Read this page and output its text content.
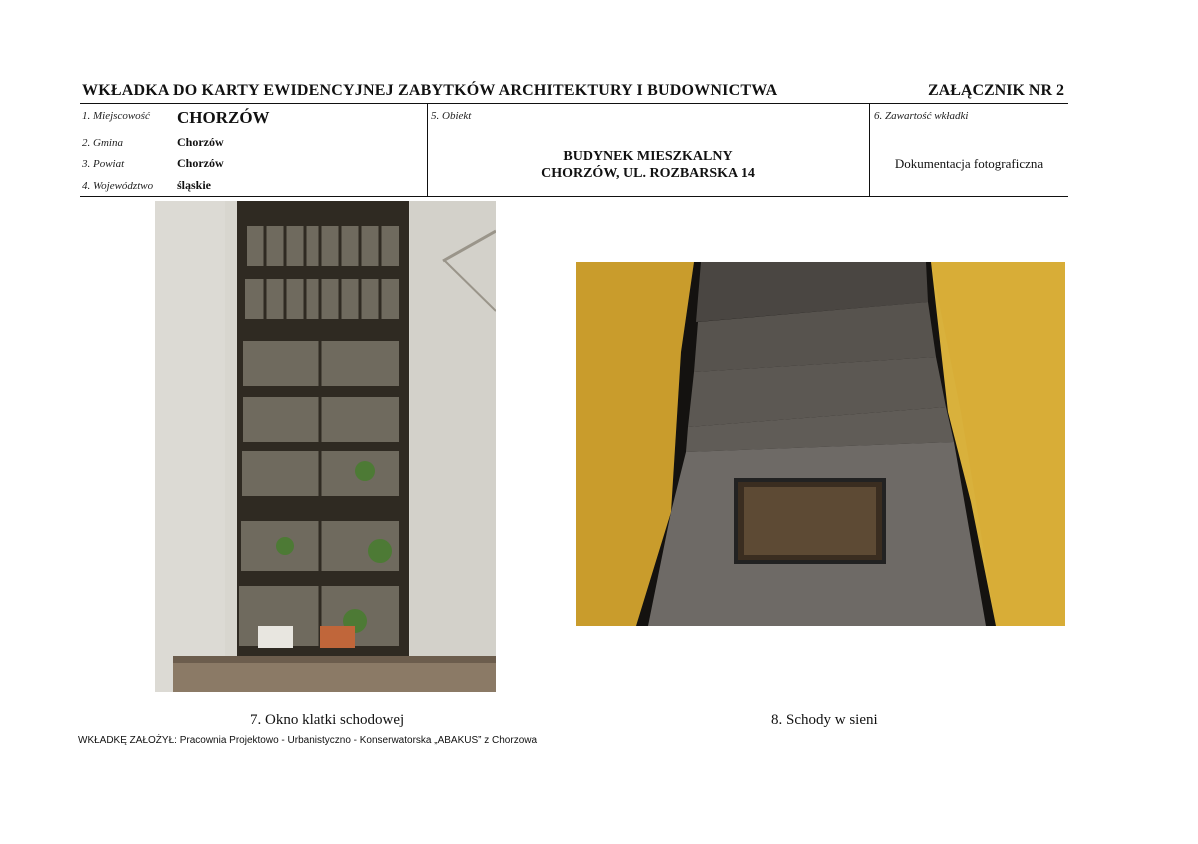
WKŁADKA DO KARTY EWIDENCYJNEJ ZABYTKÓW ARCHITEKTURY I BUDOWNICTWA	ZAŁĄCZNIK NR 2
1. Miejscowość CHORZÓW
2. Gmina	Chorzów
3. Powiat	Chorzów
4. Województwo śląskie
5. Obiekt
BUDYNEK MIESZKALNY
CHORZÓW, UL. ROZBARSKA 14
6. Zawartość wkładki
Dokumentacja fotograficzna
7. Okno klatki schodowej	8. Schody w sieni
WKŁADKĘ ZAŁOŻYŁ: Pracownia Projektowo - Urbanistyczno - Konserwatorska „ABAKUS” z Chorzowa
